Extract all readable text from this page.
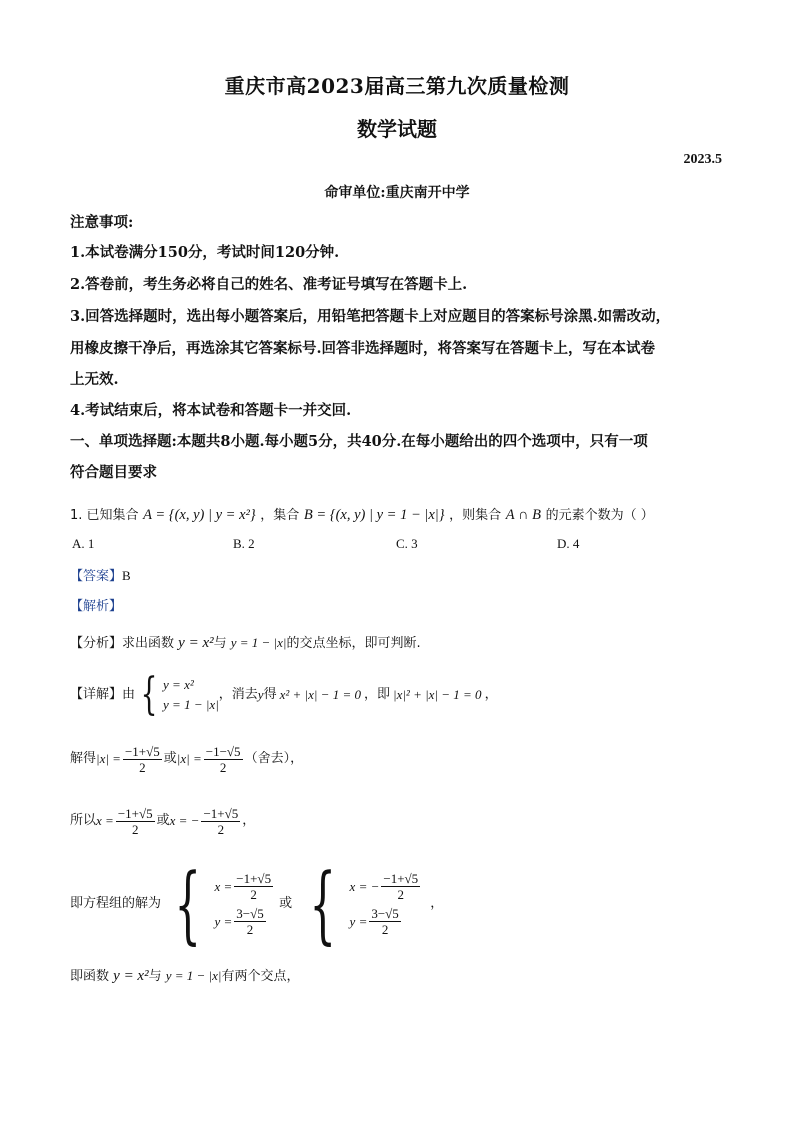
重庆市高2023届高三第九次质量检测
数学试题
2023.5
命审单位:重庆南开中学
注意事项:
1.本试卷满分150分，考试时间120分钟.
2.答卷前，考生务必将自己的姓名、准考证号填写在答题卡上.
3.回答选择题时，选出每小题答案后，用铅笔把答题卡上对应题目的答案标号涂黑.如需改动，
用橡皮擦干净后，再选涂其它答案标号.回答非选择题时，将答案写在答题卡上，写在本试卷
上无效.
4.考试结束后，将本试卷和答题卡一并交回.
一、单项选择题:本题共8小题.每小题5分，共40分.在每小题给出的四个选项中，只有一项
符合题目要求
1. 已知集合 A = {(x, y) | y = x²} ，集合 B = {(x, y) | y = 1 − |x|} ，则集合 A ∩ B 的元素个数为（ ）
A. 1	B. 2	C. 3	D. 4
【答案】B
【解析】
【分析】求出函数 y = x²与 y = 1 − |x|的交点坐标，即可判断.
【详解】 由 { y = x²
y = 1 − |x|
，消去 y 得 x² + |x| − 1 = 0 ，即 |x|² + |x| − 1 = 0 ，
解得 $|x| = \frac{-1+√5}{2}$ 或 $|x| = \frac{-1-√5}{2}$ （舍去），
所以 $x = \frac{-1+√5}{2}$ 或 x = − $\frac{-1+√5}{2}$ ，
即方程组的解为 { $x = \frac{-1+√5}{2}$
$y = \frac{3-√5}{2}$
或 { x = − $\frac{-1+√5}{2}$
$y = \frac{3-√5}{2}$
，
即函数 y = x²与 y = 1 − |x|有两个交点，
